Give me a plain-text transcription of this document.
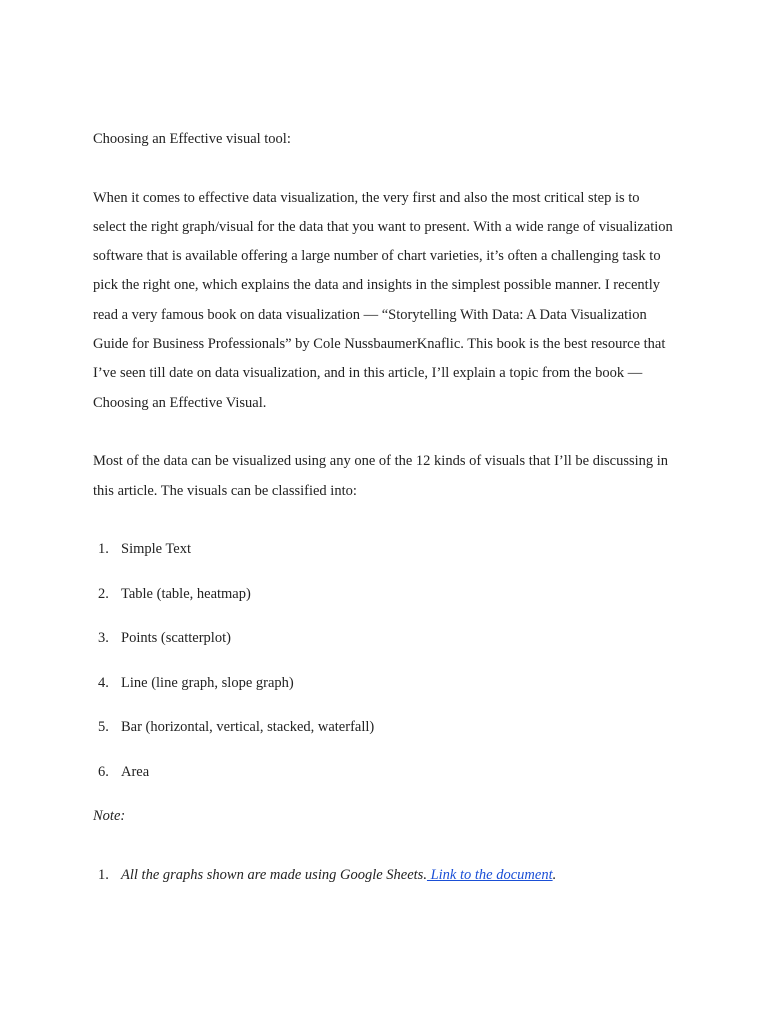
Choosing an Effective visual tool:

When it comes to effective data visualization, the very first and also the most critical step is to select the right graph/visual for the data that you want to present. With a wide range of visualization software that is available offering a large number of chart varieties, it’s often a challenging task to pick the right one, which explains the data and insights in the simplest possible manner. I recently read a very famous book on data visualization — “Storytelling With Data: A Data Visualization Guide for Business Professionals” by Cole NussbaumerKnaflic. This book is the best resource that I’ve seen till date on data visualization, and in this article, I’ll explain a topic from the book — Choosing an Effective Visual.

Most of the data can be visualized using any one of the 12 kinds of visuals that I’ll be discussing in this article. The visuals can be classified into:

1. Simple Text
2. Table (table, heatmap)
3. Points (scatterplot)
4. Line (line graph, slope graph)
5. Bar (horizontal, vertical, stacked, waterfall)
6. Area

Note:

1. All the graphs shown are made using Google Sheets. Link to the document.
